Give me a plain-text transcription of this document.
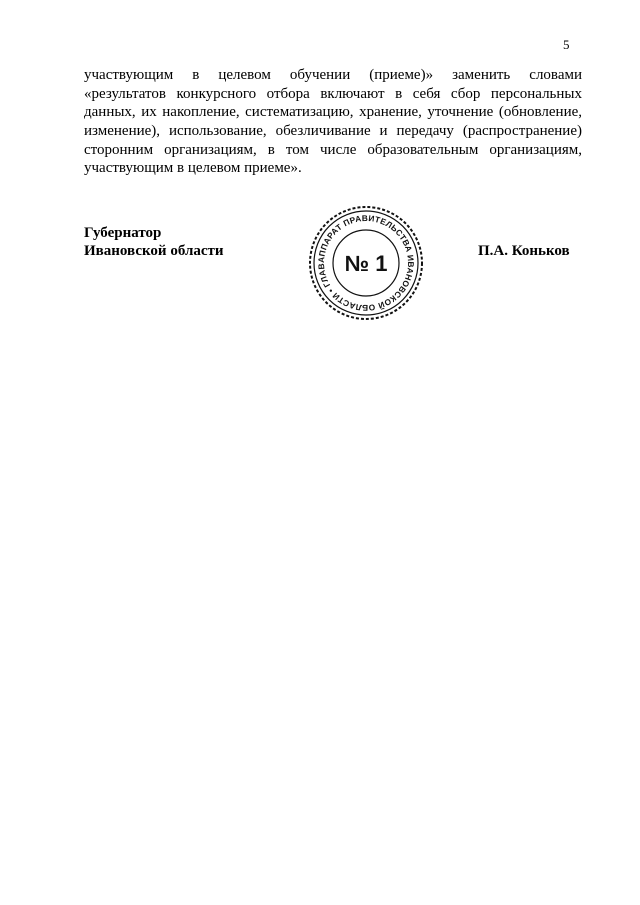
5
участвующим в целевом обучении (приеме)» заменить словами
«результатов конкурсного отбора включают в себя сбор персональных
данных, их накопление, систематизацию, хранение, уточнение (обновление,
изменение), использование, обезличивание и передачу (распространение)
сторонним организациям, в том числе образовательным организациям,
участвующим в целевом приеме».
Губернатор
Ивановской области	П.А. Коньков
АППАРАТ ПРАВИТЕЛЬСТВА ИВАНОВСКОЙ ОБЛАСТИ • ГЛАВ № 1
